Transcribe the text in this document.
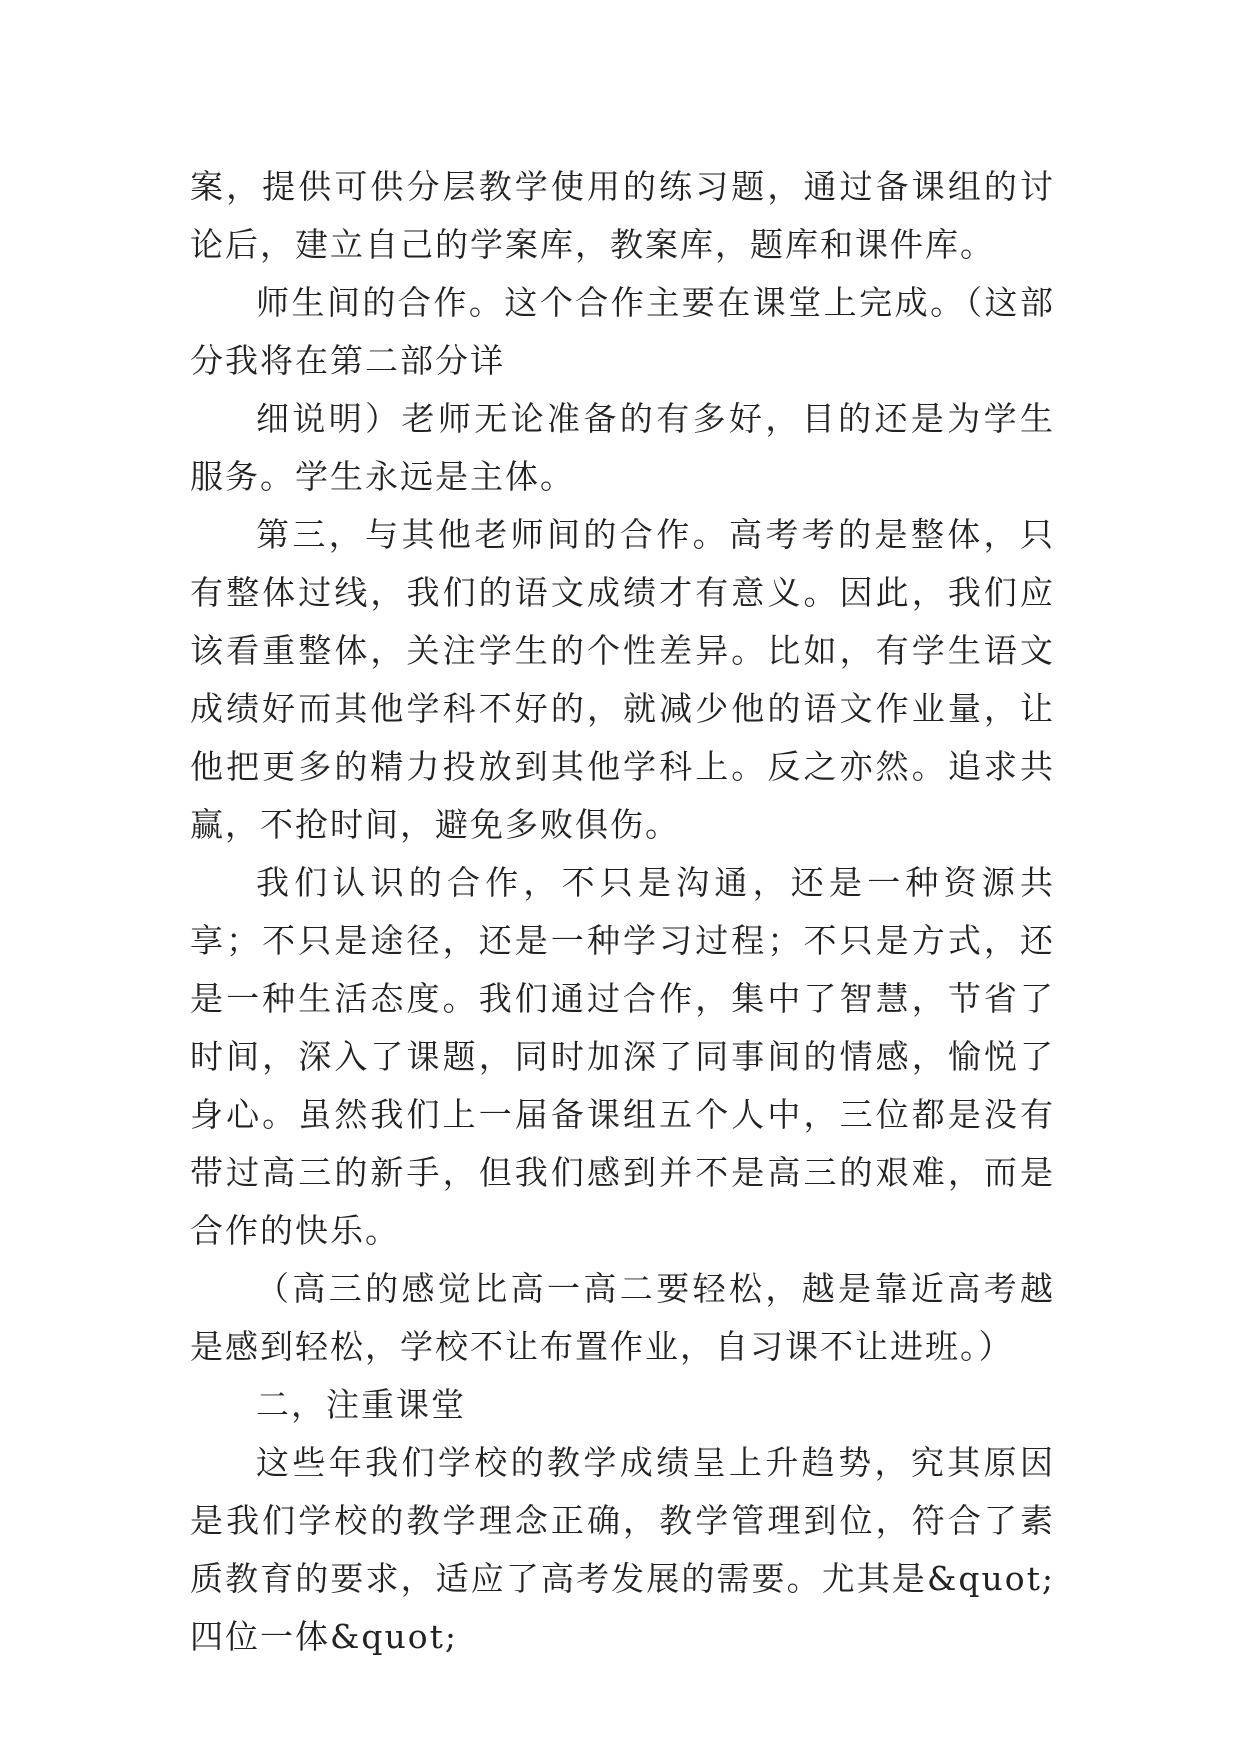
案，提供可供分层教学使用的练习题，通过备课组的讨论后，建立自己的学案库，教案库，题库和课件库。

师生间的合作。这个合作主要在课堂上完成。（这部分我将在第二部分详

细说明）老师无论准备的有多好，目的还是为学生服务。学生永远是主体。

第三，与其他老师间的合作。高考考的是整体，只有整体过线，我们的语文成绩才有意义。因此，我们应该看重整体，关注学生的个性差异。比如，有学生语文成绩好而其他学科不好的，就减少他的语文作业量，让他把更多的精力投放到其他学科上。反之亦然。追求共赢，不抢时间，避免多败俱伤。

我们认识的合作，不只是沟通，还是一种资源共享；不只是途径，还是一种学习过程；不只是方式，还是一种生活态度。我们通过合作，集中了智慧，节省了时间，深入了课题，同时加深了同事间的情感，愉悦了身心。虽然我们上一届备课组五个人中，三位都是没有带过高三的新手，但我们感到并不是高三的艰难，而是合作的快乐。

（高三的感觉比高一高二要轻松，越是靠近高考越是感到轻松，学校不让布置作业，自习课不让进班。）

二，注重课堂

这些年我们学校的教学成绩呈上升趋势，究其原因是我们学校的教学理念正确，教学管理到位，符合了素质教育的要求，适应了高考发展的需要。尤其是&quot;四位一体&quot;
